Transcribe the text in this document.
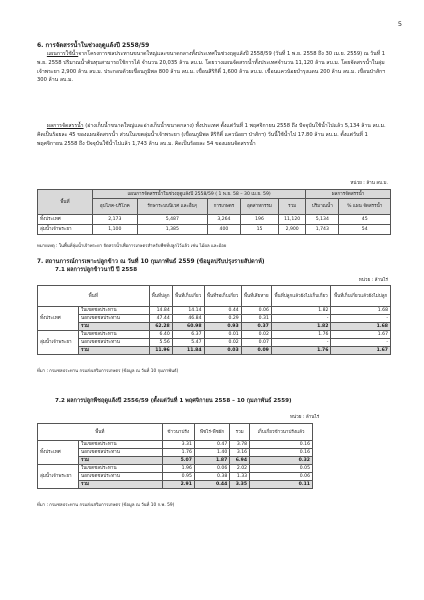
5
6. การจัดสรรน้ำในช่วงฤดูแล้งปี 2558/59
แผนการใช้น้ำจากโครงการชลประทานขนาดใหญ่และขนาดกลางทั้งประเทศในช่วงฤดูแล้งปี 2558/59 (วันที่ 1 พ.ย. 2558 ถึง 30 เม.ย. 2559) ณ วันที่ 1 พ.ย. 2558 ปริมาณน้ำต้นทุนสามารถใช้การได้ จำนวน 20,035 ล้าน ลบ.ม. โดยวางแผนจัดสรรน้ำทั้งประเทศจำนวน 11,120 ล้าน ลบ.ม. โดยจัดสรรน้ำในลุ่มเจ้าพระยา 2,900 ล้าน ลบ.ม. ประกอบด้วยเขื่อนภูมิพล 800 ล้าน ลบ.ม. เขื่อนสิริกิติ์ 1,600 ล้าน ลบ.ม. เขื่อนแควน้อยบำรุงแดน 200 ล้าน ลบ.ม. เขื่อนป่าสักฯ 300 ล้าน ลบ.ม.
ผลการจัดสรรน้ำ (อ่างเก็บน้ำขนาดใหญ่และอ่างเก็บน้ำขนาดกลาง) ทั้งประเทศ ตั้งแต่วันที่ 1 พฤศจิกายน 2558 ถึง ปัจจุบันใช้น้ำไปแล้ว 5,134 ล้าน ลบ.ม. คิดเป็นร้อยละ 45 ของแผนจัดสรรน้ำ ส่วนในเขตลุ่มน้ำเจ้าพระยา (เขื่อนภูมิพล สิริกิติ์ แควน้อยฯ ป่าสักฯ) วันนี้ใช้น้ำไป 17.80 ล้าน ลบ.ม. ตั้งแต่วันที่ 1 พฤศจิกายน 2558 ถึง ปัจจุบันใช้น้ำไปแล้ว 1,743 ล้าน ลบ.ม. คิดเป็นร้อยละ 54 ของแผนจัดสรรน้ำ
หน่วย : ล้าน ลบ.ม.
พื้นที่	แผนการจัดสรรน้ำในช่วงฤดูแล้งปี 2558/59 ( 1 พ.ย. 58 – 30 เม.ย. 59)					ผลการจัดสรรน้ำ	
	อุปโภค-บริโภค	รักษาระบบนิเวศ และอื่นๆ	การเกษตร	อุตสาหกรรม	รวม	ปริมาณน้ำ	% แผน จัดสรรน้ำ
ทั้งประเทศ	2,173	5,487	3,264	196	11,120	5,134	45
ลุ่มน้ำเจ้าพระยา	1,100	1,385	400	15	2,900	1,743	54
หมายเหตุ : ในพื้นที่ลุ่มน้ำเจ้าพระยา จัดสรรน้ำเพื่อการเกษตรสำหรับพืชที่ปลูกไว้แล้ว เช่น ไม้ผล และอ้อย
7. สถานการณ์การเพาะปลูกข้าว ณ วันที่ 10 กุมภาพันธ์ 2559 (ข้อมูลปรับปรุงรายสัปดาห์)
7.1 ผลการปลูกข้าวนาปี ปี 2558
หน่วย : ล้านไร่
พื้นที่		พื้นที่ปลูก	พื้นที่เก็บเกี่ยว	พื้นที่รอเก็บเกี่ยว	พื้นที่เสียหาย	พื้นที่ปลูกแล้วยังไม่เก็บเกี่ยว	พื้นที่เก็บเกี่ยวแล้วยังไม่ปลูก
ทั้งประเทศ	ในเขตชลประทาน	14.84	14.14	0.44	0.06	1.82	1.68
	นอกเขตชลประทาน	47.44	46.84	0.29	0.31	-	-
	รวม	62.28	60.98	0.93	0.37	1.82	1.68
ลุ่มน้ำเจ้าพระยา	ในเขตชลประทาน	6.40	6.37	0.01	0.02	1.76	1.67
	นอกเขตชลประทาน	5.56	5.47	0.02	0.07	-	-
	รวม	11.96	11.84	0.03	0.09	1.76	1.67
ที่มา : กรมชลประทาน กรมส่งเสริมการเกษตร (ข้อมูล ณ วันที่ 10 กุมภาพันธ์)
7.2 ผลการปลูกพืชฤดูแล้งปี 2556/59 (ตั้งแต่วันที่ 1 พฤศจิกายน 2558 – 10 กุมภาพันธ์ 2559)
หน่วย : ล้านไร่
พื้นที่		ข้าวนาปรัง	พืชไร่-พืชผัก	รวม	เก็บเกี่ยวข้าวนาปรังแล้ว
ทั้งประเทศ	ในเขตชลประทาน	3.31	0.47	3.78	0.16
	นอกเขตชลประทาน	1.76	1.40	3.16	0.16
	รวม	5.07	1.87	6.94	0.32
ลุ่มน้ำเจ้าพระยา	ในเขตชลประทาน	1.96	0.06	2.02	0.05
	นอกเขตชลประทาน	0.95	0.38	1.33	0.06
	รวม	2.91	0.44	3.35	0.11
ที่มา : กรมชลประทาน กรมส่งเสริมการเกษตร (ข้อมูล ณ วันที่ 10 ก.พ. 59)
